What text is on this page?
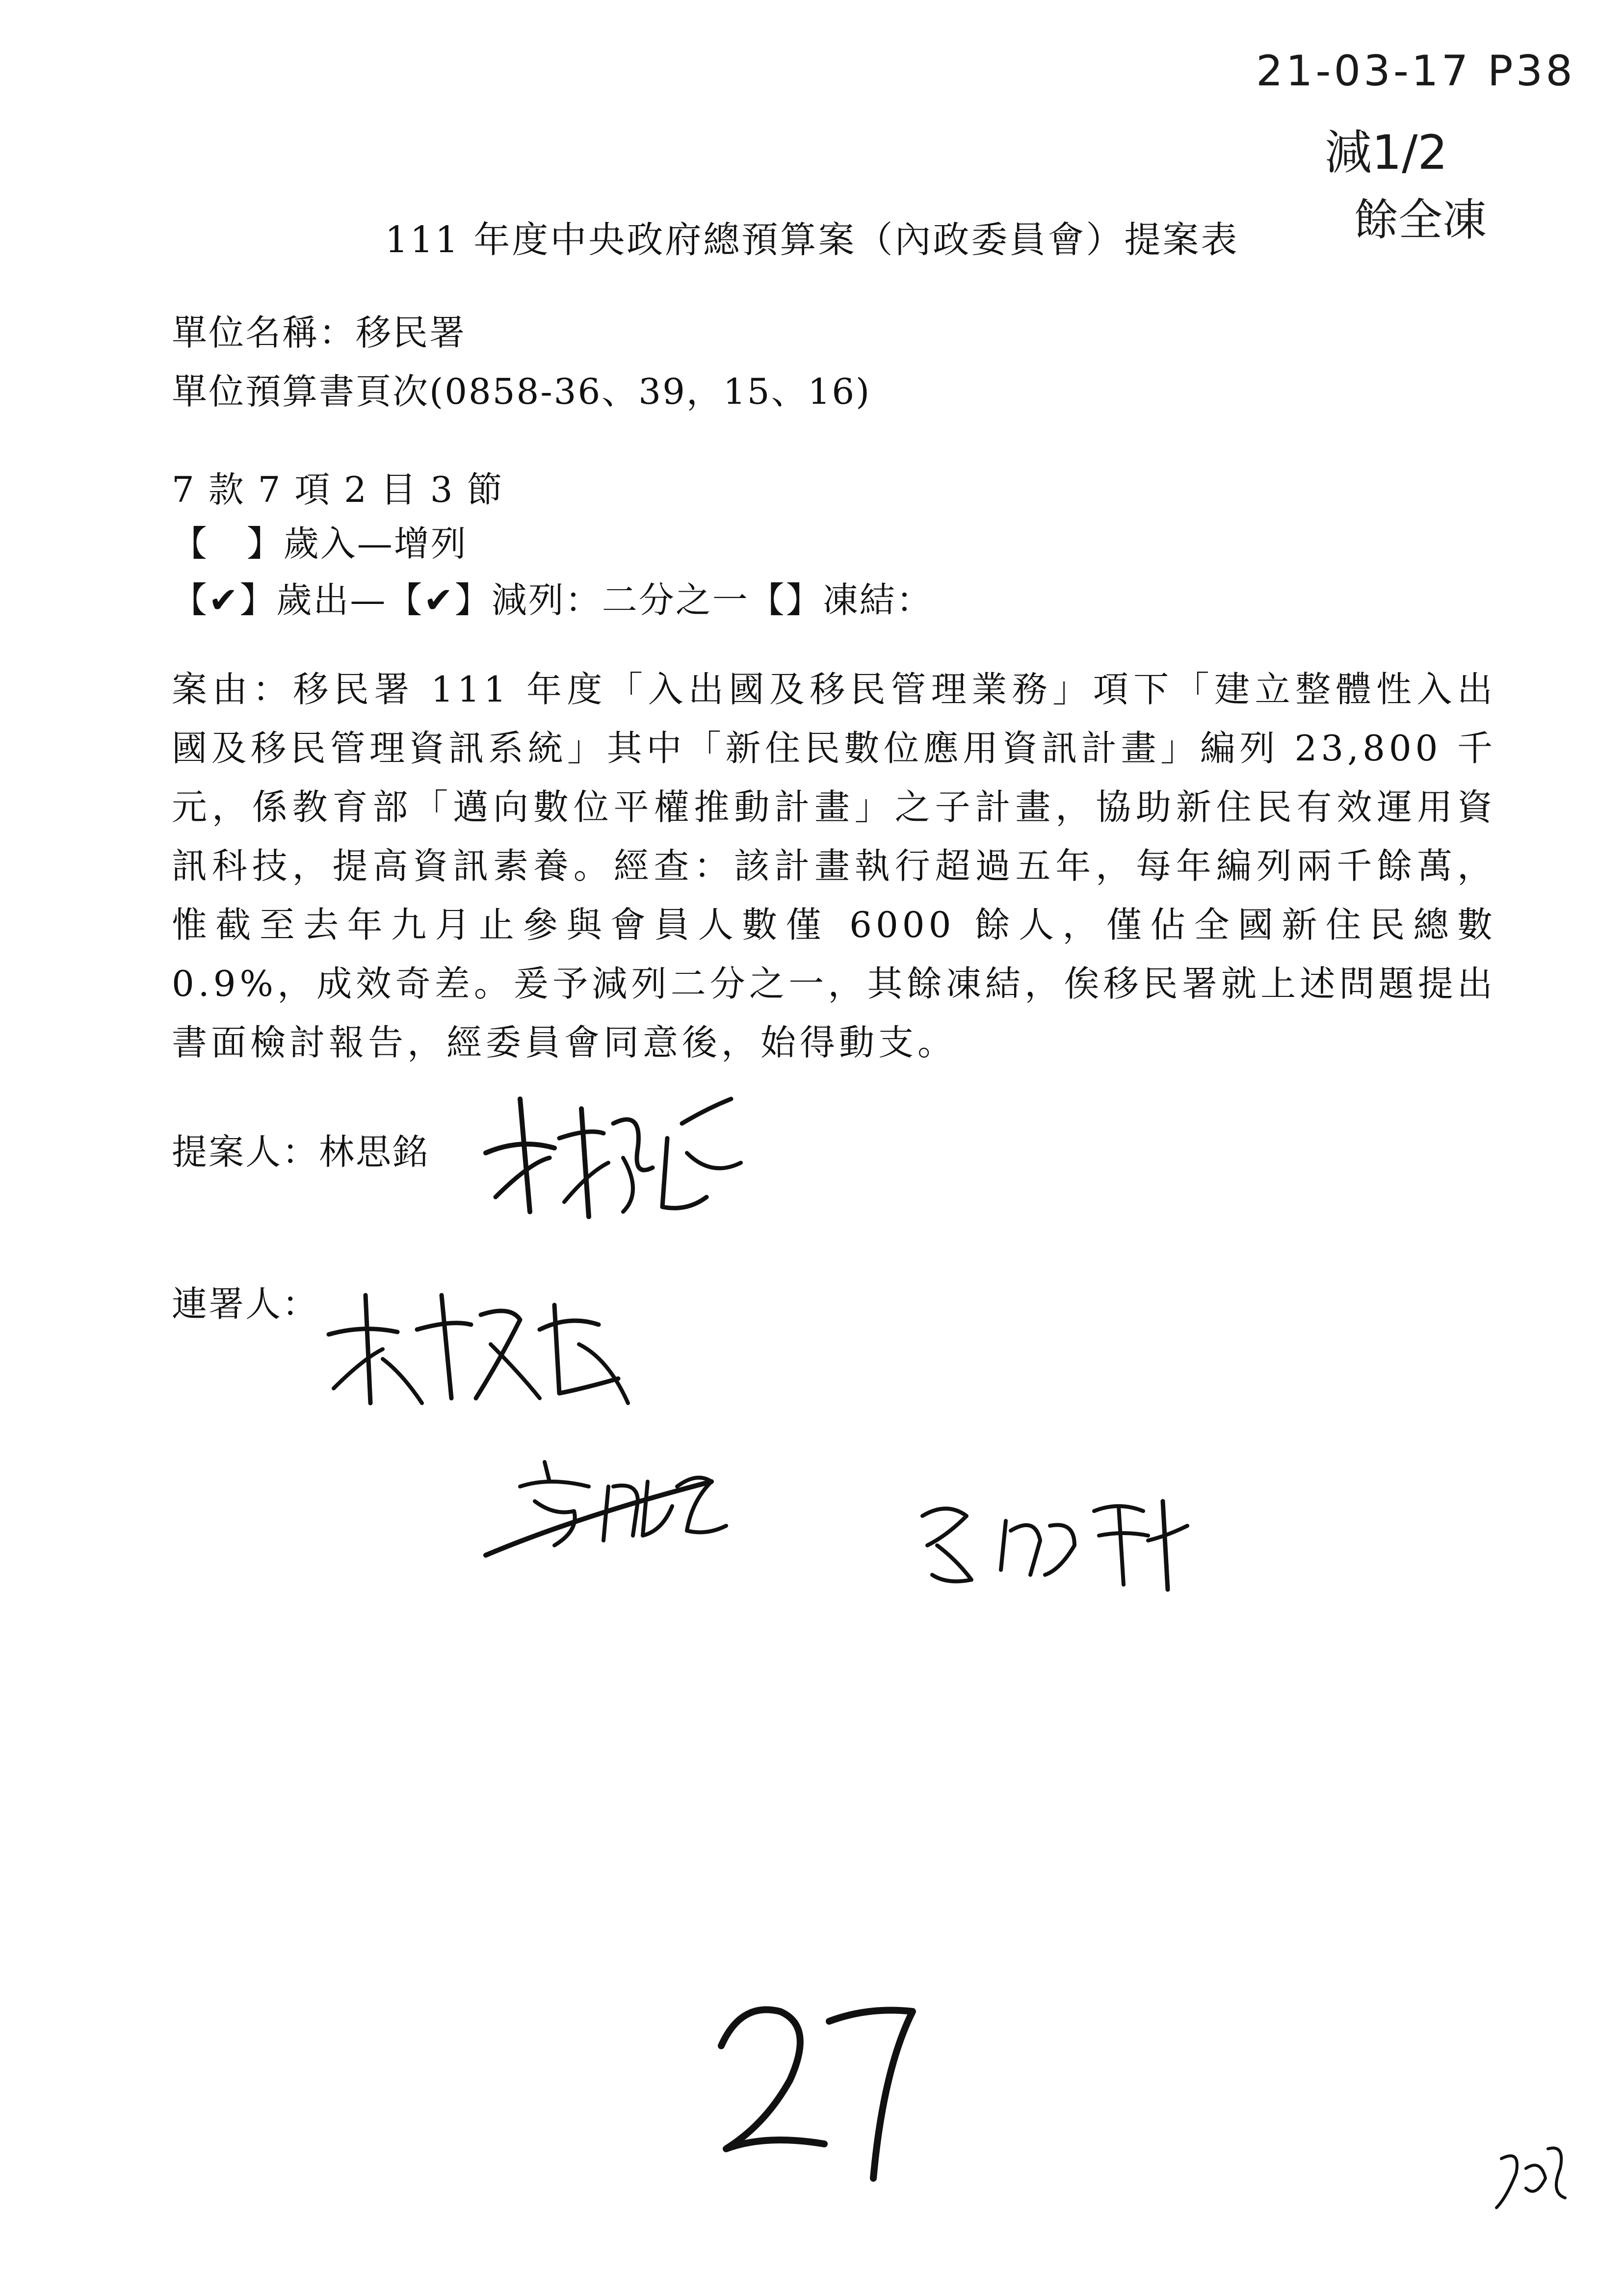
21-03-17 P38
減1/2
餘全凍
111 年度中央政府總預算案（內政委員會）提案表
單位名稱：移民署
單位預算書頁次(0858-36、39，15、16)
7 款 7 項 2 目 3 節
【 】歲入—增列
【✔】歲出—【✔】減列：二分之一【】凍結：
案由：移民署 111 年度「入出國及移民管理業務」項下「建立整體性入出國及移民管理資訊系統」其中「新住民數位應用資訊計畫」編列 23,800 千元，係教育部「邁向數位平權推動計畫」之子計畫，協助新住民有效運用資訊科技，提高資訊素養。經查：該計畫執行超過五年，每年編列兩千餘萬，惟截至去年九月止參與會員人數僅 6000 餘人，僅佔全國新住民總數 0.9%，成效奇差。爰予減列二分之一，其餘凍結，俟移民署就上述問題提出書面檢討報告，經委員會同意後，始得動支。
提案人：林思銘
連署人：
